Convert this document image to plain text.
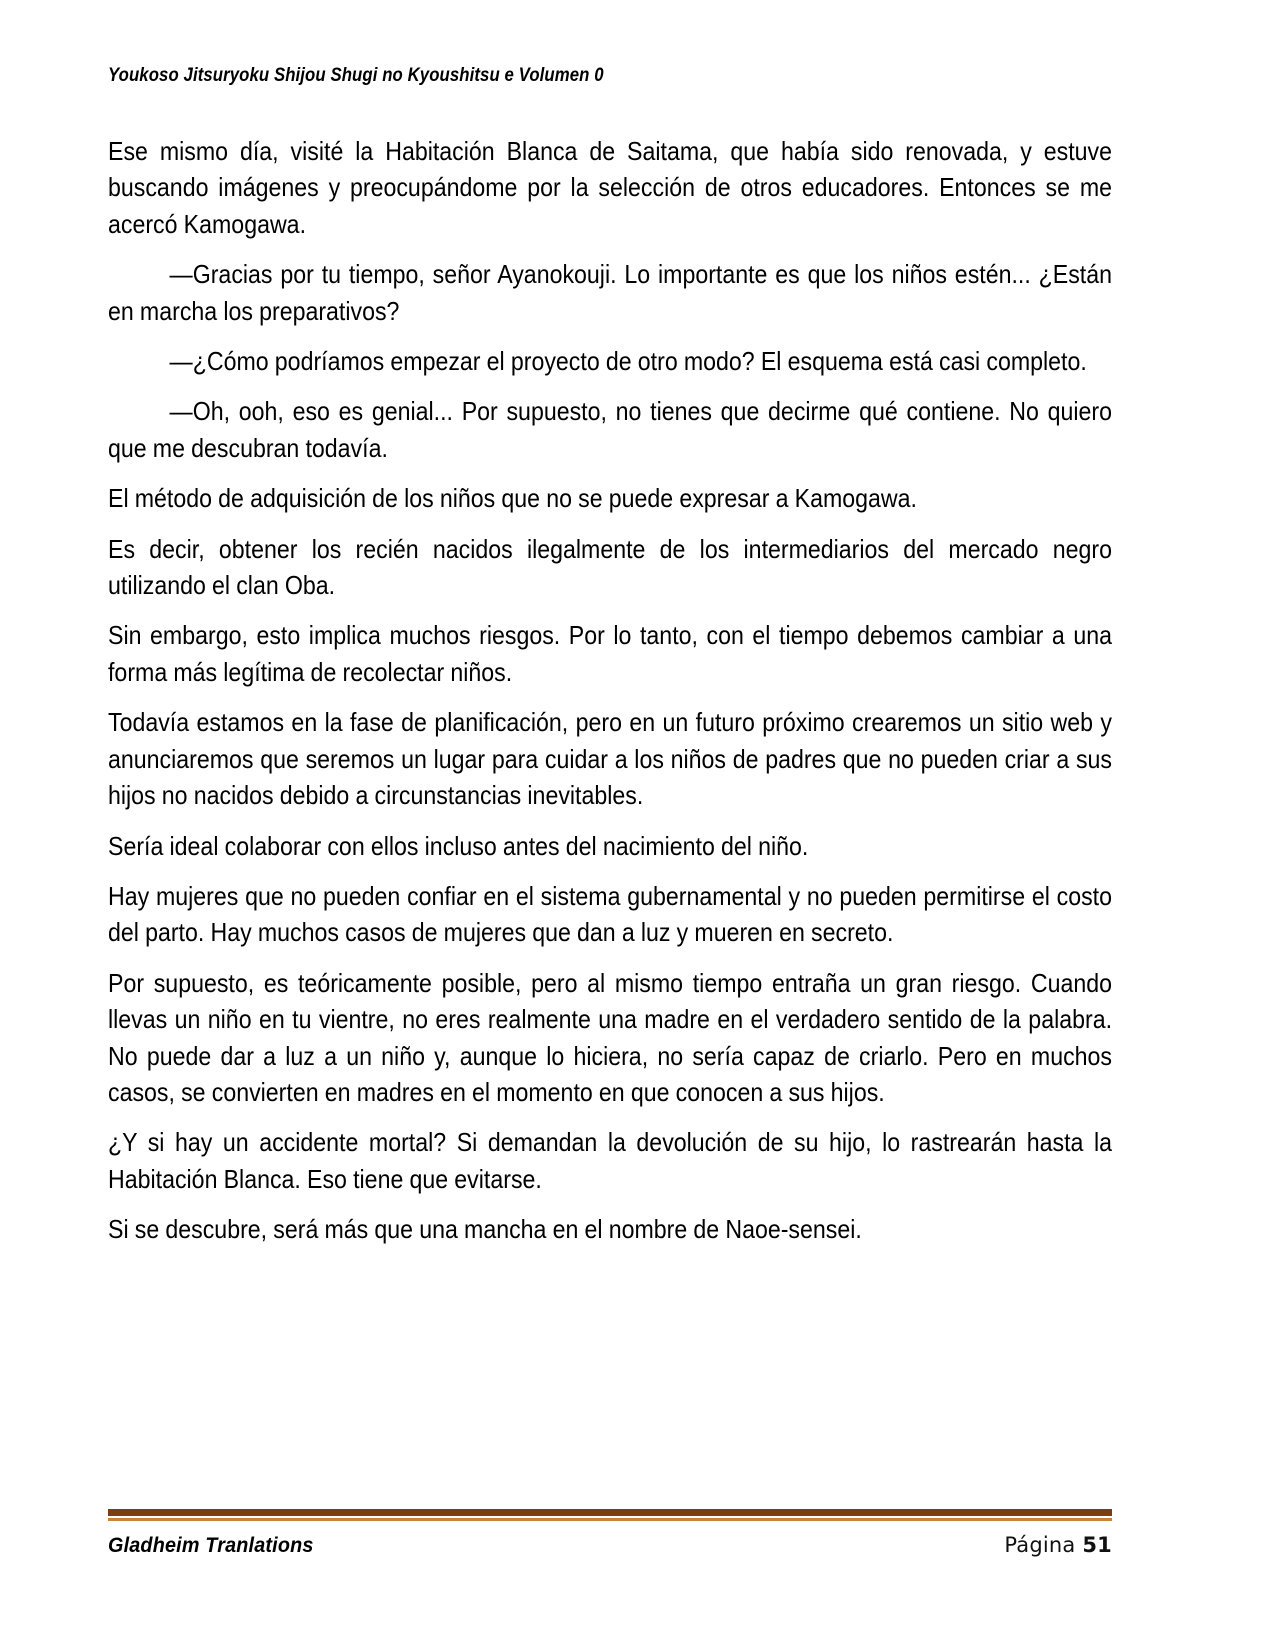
Youkoso Jitsuryoku Shijou Shugi no Kyoushitsu e Volumen 0

Ese mismo día, visité la Habitación Blanca de Saitama, que había sido renovada, y estuve buscando imágenes y preocupándome por la selección de otros educadores. Entonces se me acercó Kamogawa.

—Gracias por tu tiempo, señor Ayanokouji. Lo importante es que los niños estén... ¿Están en marcha los preparativos?

—¿Cómo podríamos empezar el proyecto de otro modo? El esquema está casi completo.

—Oh, ooh, eso es genial... Por supuesto, no tienes que decirme qué contiene. No quiero que me descubran todavía.

El método de adquisición de los niños que no se puede expresar a Kamogawa.

Es decir, obtener los recién nacidos ilegalmente de los intermediarios del mercado negro utilizando el clan Oba.

Sin embargo, esto implica muchos riesgos. Por lo tanto, con el tiempo debemos cambiar a una forma más legítima de recolectar niños.

Todavía estamos en la fase de planificación, pero en un futuro próximo crearemos un sitio web y anunciaremos que seremos un lugar para cuidar a los niños de padres que no pueden criar a sus hijos no nacidos debido a circunstancias inevitables.

Sería ideal colaborar con ellos incluso antes del nacimiento del niño.

Hay mujeres que no pueden confiar en el sistema gubernamental y no pueden permitirse el costo del parto. Hay muchos casos de mujeres que dan a luz y mueren en secreto.

Por supuesto, es teóricamente posible, pero al mismo tiempo entraña un gran riesgo. Cuando llevas un niño en tu vientre, no eres realmente una madre en el verdadero sentido de la palabra. No puede dar a luz a un niño y, aunque lo hiciera, no sería capaz de criarlo. Pero en muchos casos, se convierten en madres en el momento en que conocen a sus hijos.

¿Y si hay un accidente mortal? Si demandan la devolución de su hijo, lo rastrearán hasta la Habitación Blanca. Eso tiene que evitarse.

Si se descubre, será más que una mancha en el nombre de Naoe-sensei.

Gladheim Tranlations	Página 51
